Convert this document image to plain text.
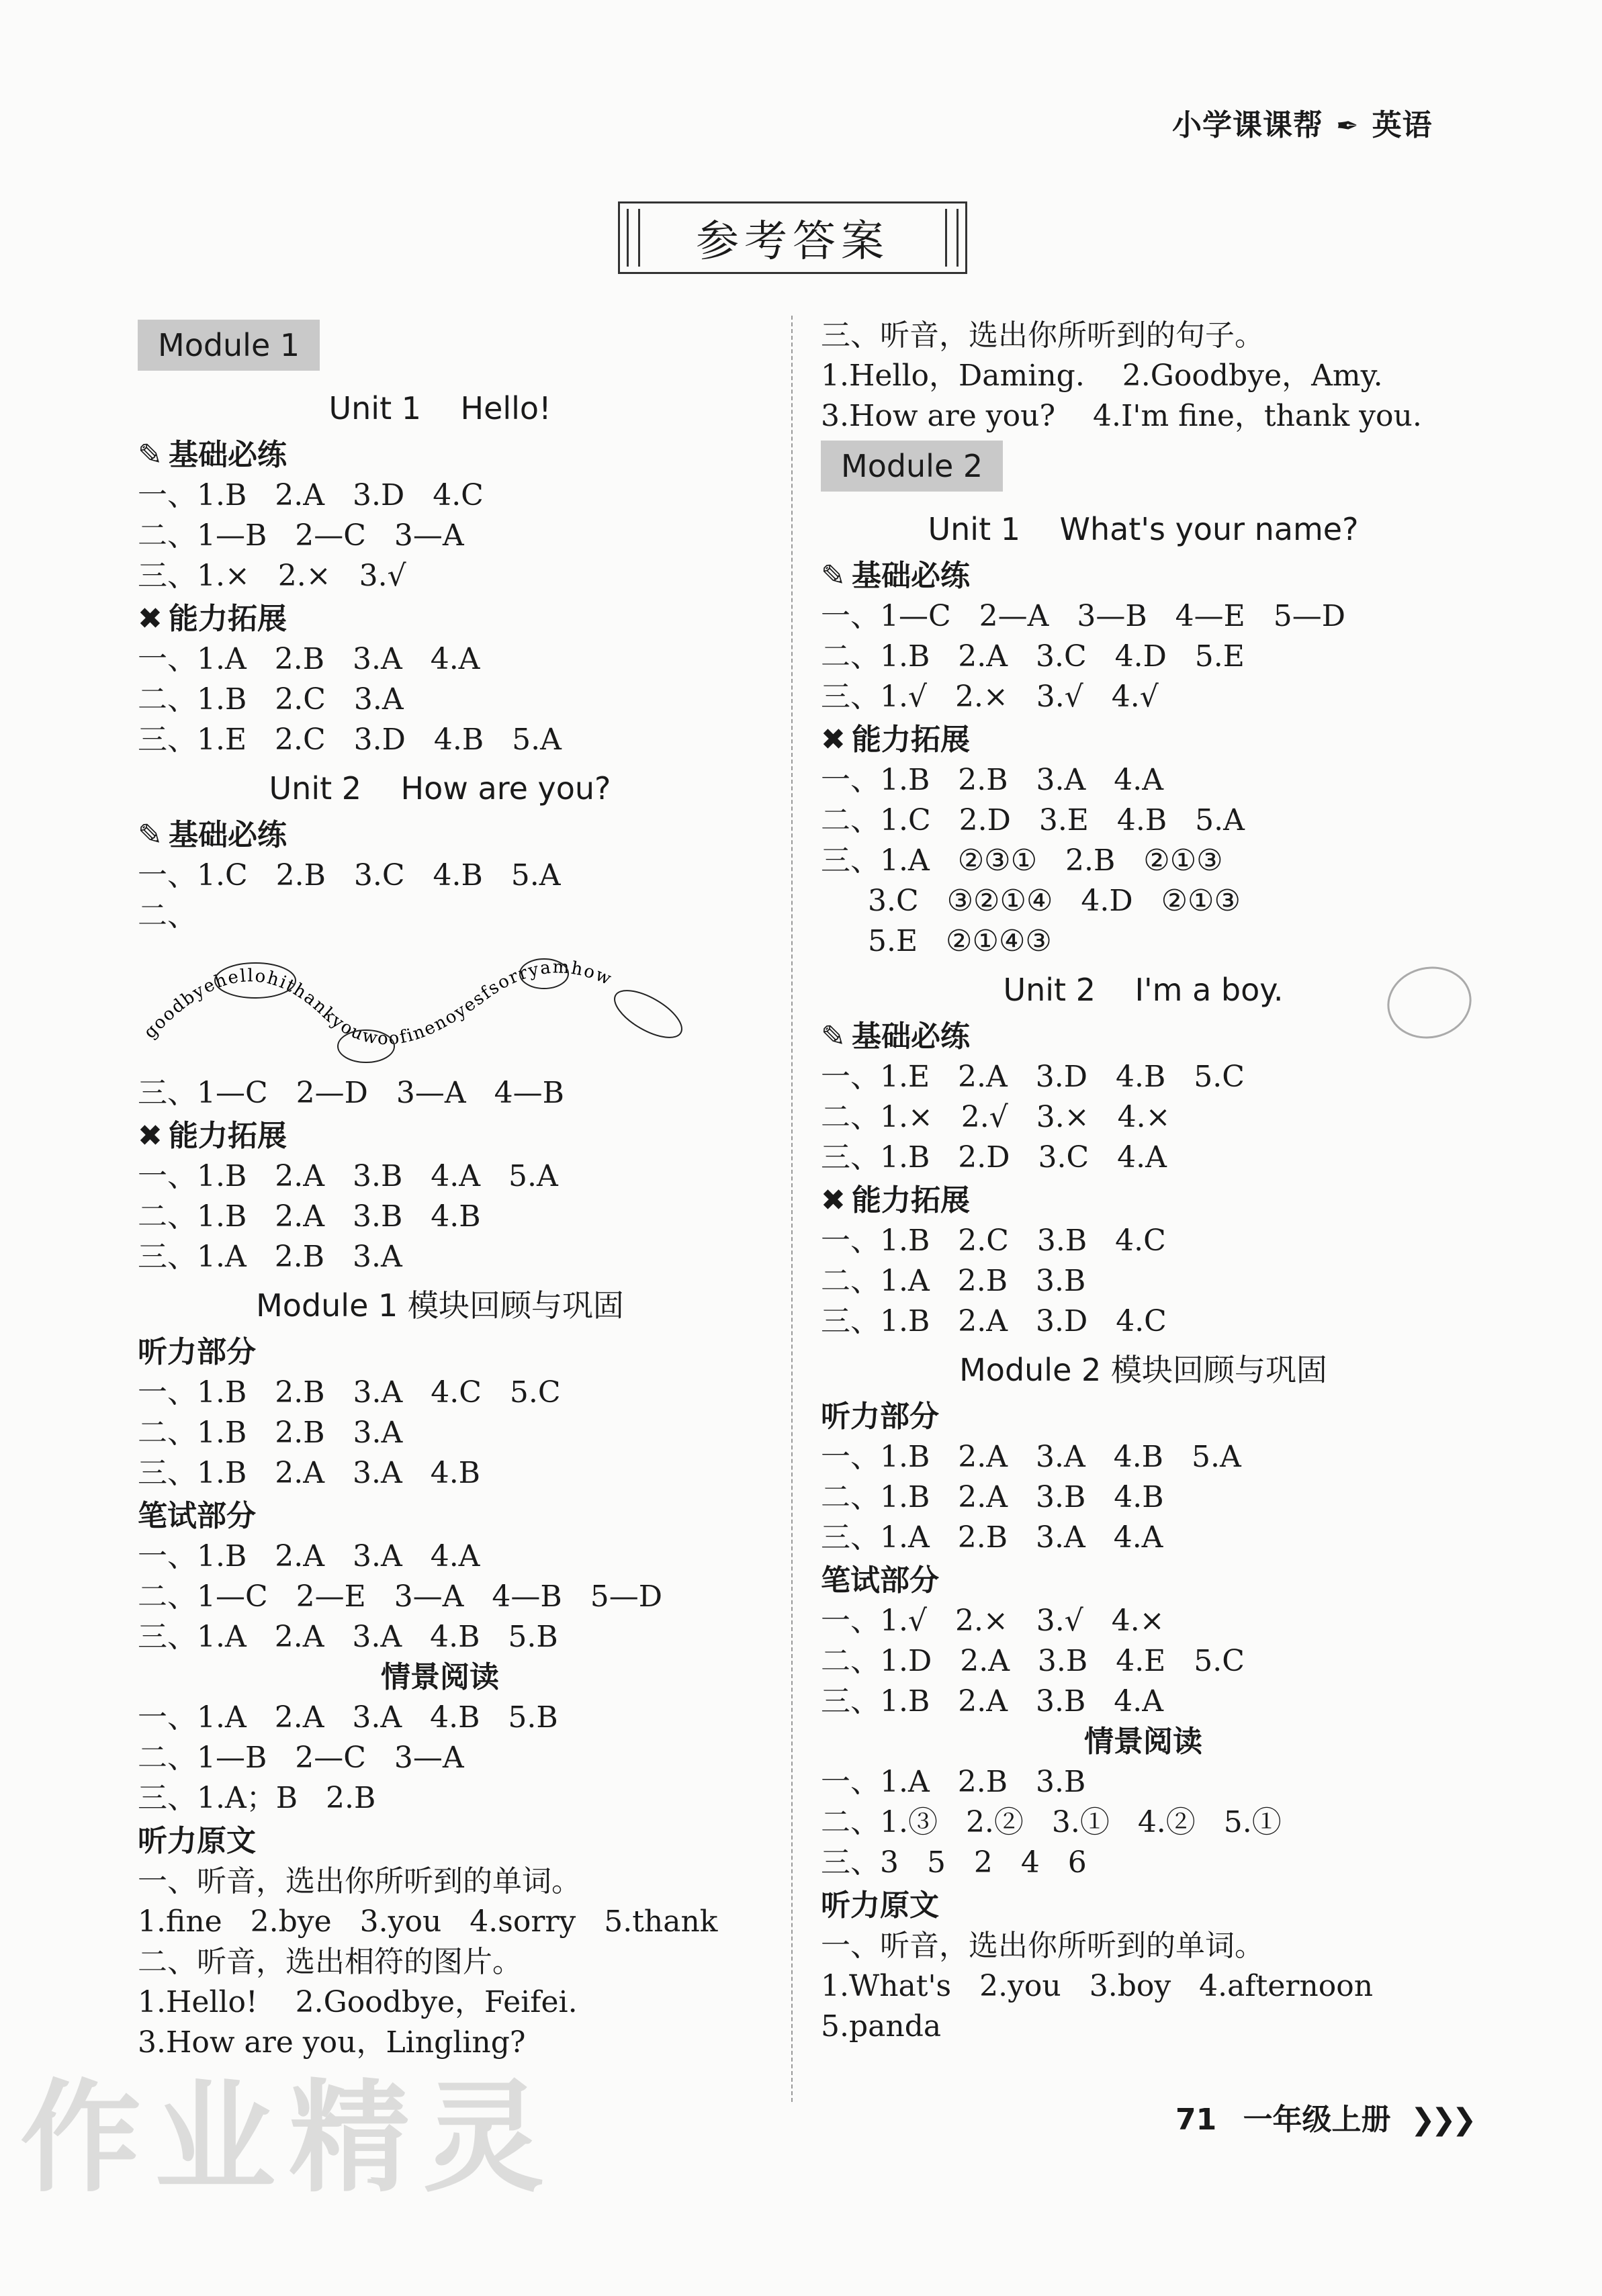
小学课课帮 ✒ 英语
参考答案
Module 1
Unit 1    Hello!
✎ 基础必练
一、1.B   2.A   3.D   4.C
二、1—B   2—C   3—A
三、1.×   2.×   3.√
✖ 能力拓展
一、1.A   2.B   3.A   4.A
二、1.B   2.C   3.A
三、1.E   2.C   3.D   4.B   5.A
Unit 2    How are you?
✎ 基础必练
一、1.C   2.B   3.C   4.B   5.A
二、
goodbyehellohithankyouwoofinenoyesfsorryamhow
三、1—C   2—D   3—A   4—B
✖ 能力拓展
一、1.B   2.A   3.B   4.A   5.A
二、1.B   2.A   3.B   4.B
三、1.A   2.B   3.A
Module 1 模块回顾与巩固
听力部分
一、1.B   2.B   3.A   4.C   5.C
二、1.B   2.B   3.A
三、1.B   2.A   3.A   4.B
笔试部分
一、1.B   2.A   3.A   4.A
二、1—C   2—E   3—A   4—B   5—D
三、1.A   2.A   3.A   4.B   5.B
情景阅读
一、1.A   2.A   3.A   4.B   5.B
二、1—B   2—C   3—A
三、1.A；B   2.B
听力原文
一、听音，选出你所听到的单词。
1.fine   2.bye   3.you   4.sorry   5.thank
二、听音，选出相符的图片。
1.Hello!    2.Goodbye，Feifei.
3.How are you，Lingling?
三、听音，选出你所听到的句子。
1.Hello，Daming.    2.Goodbye，Amy.
3.How are you?    4.I'm fine，thank you.
Module 2
Unit 1    What's your name?
✎ 基础必练
一、1—C   2—A   3—B   4—E   5—D
二、1.B   2.A   3.C   4.D   5.E
三、1.√   2.×   3.√   4.√
✖ 能力拓展
一、1.B   2.B   3.A   4.A
二、1.C   2.D   3.E   4.B   5.A
三、1.A   ②③①   2.B   ②①③
3.C   ③②①④   4.D   ②①③
5.E   ②①④③
Unit 2    I'm a boy.
✎ 基础必练
一、1.E   2.A   3.D   4.B   5.C
二、1.×   2.√   3.×   4.×
三、1.B   2.D   3.C   4.A
✖ 能力拓展
一、1.B   2.C   3.B   4.C
二、1.A   2.B   3.B
三、1.B   2.A   3.D   4.C
Module 2 模块回顾与巩固
听力部分
一、1.B   2.A   3.A   4.B   5.A
二、1.B   2.A   3.B   4.B
三、1.A   2.B   3.A   4.A
笔试部分
一、1.√   2.×   3.√   4.×
二、1.D   2.A   3.B   4.E   5.C
三、1.B   2.A   3.B   4.A
情景阅读
一、1.A   2.B   3.B
二、1.③   2.②   3.①   4.②   5.①
三、3   5   2   4   6
听力原文
一、听音，选出你所听到的单词。
1.What's   2.you   3.boy   4.afternoon
5.panda
作业精灵	71 一年级上册 ❯❯❯
